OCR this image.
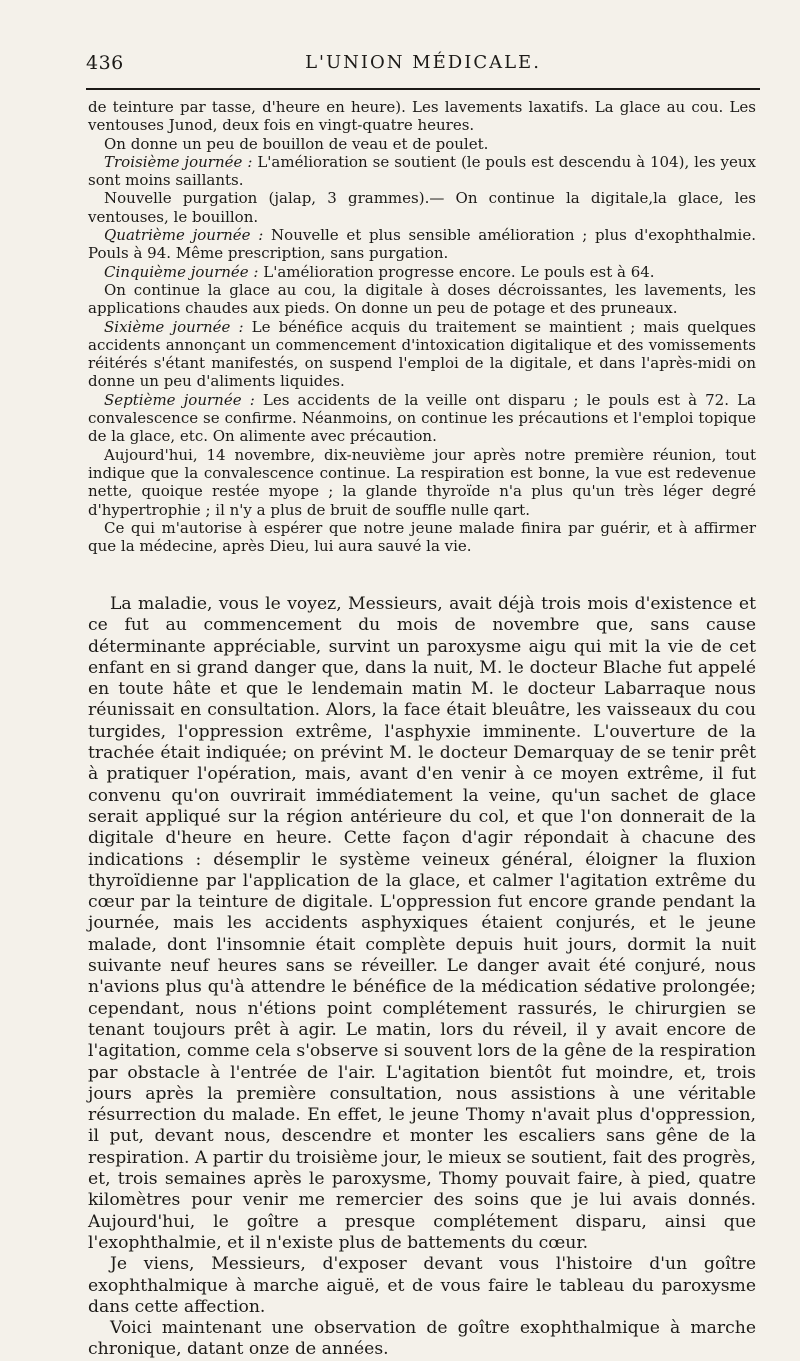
436	L'UNION MÉDICALE.

de teinture par tasse, d'heure en heure). Les lavements laxatifs. La glace au cou. Les ventouses Junod, deux fois en vingt-quatre heures.

On donne un peu de bouillon de veau et de poulet.

Troisième journée : L'amélioration se soutient (le pouls est descendu à 104), les yeux sont moins saillants.

Nouvelle purgation (jalap, 3 grammes).— On continue la digitale,la glace, les ventouses, le bouillon.

Quatrième journée : Nouvelle et plus sensible amélioration ; plus d'exophthalmie. Pouls à 94. Même prescription, sans purgation.

Cinquième journée : L'amélioration progresse encore. Le pouls est à 64.

On continue la glace au cou, la digitale à doses décroissantes, les lavements, les applications chaudes aux pieds. On donne un peu de potage et des pruneaux.

Sixième journée : Le bénéfice acquis du traitement se maintient ; mais quelques accidents annonçant un commencement d'intoxication digitalique et des vomissements réitérés s'étant manifestés, on suspend l'emploi de la digitale, et dans l'après-midi on donne un peu d'aliments liquides.

Septième journée : Les accidents de la veille ont disparu ; le pouls est à 72. La convalescence se confirme. Néanmoins, on continue les précautions et l'emploi topique de la glace, etc. On alimente avec précaution.

Aujourd'hui, 14 novembre, dix-neuvième jour après notre première réunion, tout indique que la convalescence continue. La respiration est bonne, la vue est redevenue nette, quoique restée myope ; la glande thyroïde n'a plus qu'un très léger degré d'hypertrophie ; il n'y a plus de bruit de souffle nulle qart.

Ce qui m'autorise à espérer que notre jeune malade finira par guérir, et à affirmer que la médecine, après Dieu, lui aura sauvé la vie.

La maladie, vous le voyez, Messieurs, avait déjà trois mois d'existence et ce fut au commencement du mois de novembre que, sans cause déterminante appréciable, survint un paroxysme aigu qui mit la vie de cet enfant en si grand danger que, dans la nuit, M. le docteur Blache fut appelé en toute hâte et que le lendemain matin M. le docteur Labarraque nous réunissait en consultation. Alors, la face était bleuâtre, les vaisseaux du cou turgides, l'oppression extrême, l'asphyxie imminente. L'ouverture de la trachée était indiquée; on prévint M. le docteur Demarquay de se tenir prêt à pratiquer l'opération, mais, avant d'en venir à ce moyen extrême, il fut convenu qu'on ouvrirait immédiatement la veine, qu'un sachet de glace serait appliqué sur la région antérieure du col, et que l'on donnerait de la digitale d'heure en heure. Cette façon d'agir répondait à chacune des indications : désemplir le système veineux général, éloigner la fluxion thyroïdienne par l'application de la glace, et calmer l'agitation extrême du cœur par la teinture de digitale. L'oppression fut encore grande pendant la journée, mais les accidents asphyxiques étaient conjurés, et le jeune malade, dont l'insomnie était complète depuis huit jours, dormit la nuit suivante neuf heures sans se réveiller. Le danger avait été conjuré, nous n'avions plus qu'à attendre le bénéfice de la médication sédative prolongée; cependant, nous n'étions point complétement rassurés, le chirurgien se tenant toujours prêt à agir. Le matin, lors du réveil, il y avait encore de l'agitation, comme cela s'observe si souvent lors de la gêne de la respiration par obstacle à l'entrée de l'air. L'agitation bientôt fut moindre, et, trois jours après la première consultation, nous assistions à une véritable résurrection du malade. En effet, le jeune Thomy n'avait plus d'oppression, il put, devant nous, descendre et monter les escaliers sans gêne de la respiration. A partir du troisième jour, le mieux se soutient, fait des progrès, et, trois semaines après le paroxysme, Thomy pouvait faire, à pied, quatre kilomètres pour venir me remercier des soins que je lui avais donnés. Aujourd'hui, le goître a presque complétement disparu, ainsi que l'exophthalmie, et il n'existe plus de battements du cœur.

Je viens, Messieurs, d'exposer devant vous l'histoire d'un goître exophthalmique à marche aiguë, et de vous faire le tableau du paroxysme dans cette affection.

Voici maintenant une observation de goître exophthalmique à marche chronique, datant onze de années.
